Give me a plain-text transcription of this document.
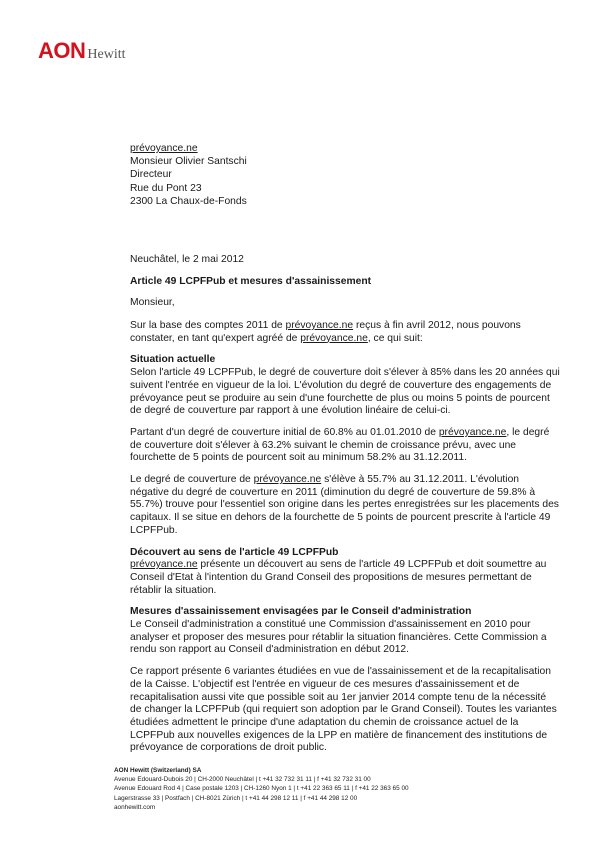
AON Hewitt
prévoyance.ne
Monsieur Olivier Santschi
Directeur
Rue du Pont 23
2300 La Chaux-de-Fonds
Neuchâtel, le 2 mai 2012
Article 49 LCPFPub et mesures d'assainissement
Monsieur,

Sur la base des comptes 2011 de prévoyance.ne reçus à fin avril 2012, nous pouvons constater, en tant qu'expert agréé de prévoyance.ne, ce qui suit:

Situation actuelle

Selon l'article 49 LCPFPub, le degré de couverture doit s'élever à 85% dans les 20 années qui suivent l'entrée en vigueur de la loi. L'évolution du degré de couverture des engagements de prévoyance peut se produire au sein d'une fourchette de plus ou moins 5 points de pourcent de degré de couverture par rapport à une évolution linéaire de celui-ci.

Partant d'un degré de couverture initial de 60.8% au 01.01.2010 de prévoyance.ne, le degré de couverture doit s'élever à 63.2% suivant le chemin de croissance prévu, avec une fourchette de 5 points de pourcent soit au minimum 58.2% au 31.12.2011.

Le degré de couverture de prévoyance.ne s'élève à 55.7% au 31.12.2011. L'évolution négative du degré de couverture en 2011 (diminution du degré de couverture de 59.8% à 55.7%) trouve pour l'essentiel son origine dans les pertes enregistrées sur les placements des capitaux. Il se situe en dehors de la fourchette de 5 points de pourcent prescrite à l'article 49 LCPFPub.

Découvert au sens de l'article 49 LCPFPub

prévoyance.ne présente un découvert au sens de l'article 49 LCPFPub et doit soumettre au Conseil d'Etat à l'intention du Grand Conseil des propositions de mesures permettant de rétablir la situation.

Mesures d'assainissement envisagées par le Conseil d'administration

Le Conseil d'administration a constitué une Commission d'assainissement en 2010 pour analyser et proposer des mesures pour rétablir la situation financières. Cette Commission a rendu son rapport au Conseil d'administration en début 2012.

Ce rapport présente 6 variantes étudiées en vue de l'assainissement et de la recapitalisation de la Caisse. L'objectif est l'entrée en vigueur de ces mesures d'assainissement et de recapitalisation aussi vite que possible soit au 1er janvier 2014 compte tenu de la nécessité de changer la LCPFPub (qui requiert son adoption par le Grand Conseil). Toutes les variantes étudiées admettent le principe d'une adaptation du chemin de croissance actuel de la LCPFPub aux nouvelles exigences de la LPP en matière de financement des institutions de prévoyance de corporations de droit public.

AON Hewitt (Switzerland) SA
Avenue Edouard-Dubois 20 | CH-2000 Neuchâtel | t +41 32 732 31 11 | f +41 32 732 31 00
Avenue Edouard Rod 4 | Case postale 1203 | CH-1260 Nyon 1 | t +41 22 363 65 11 | f +41 22 363 65 00
Lagerstrasse 33 | Postfach | CH-8021 Zürich | t +41 44 298 12 11 | f +41 44 298 12 00
aonhewitt.com
